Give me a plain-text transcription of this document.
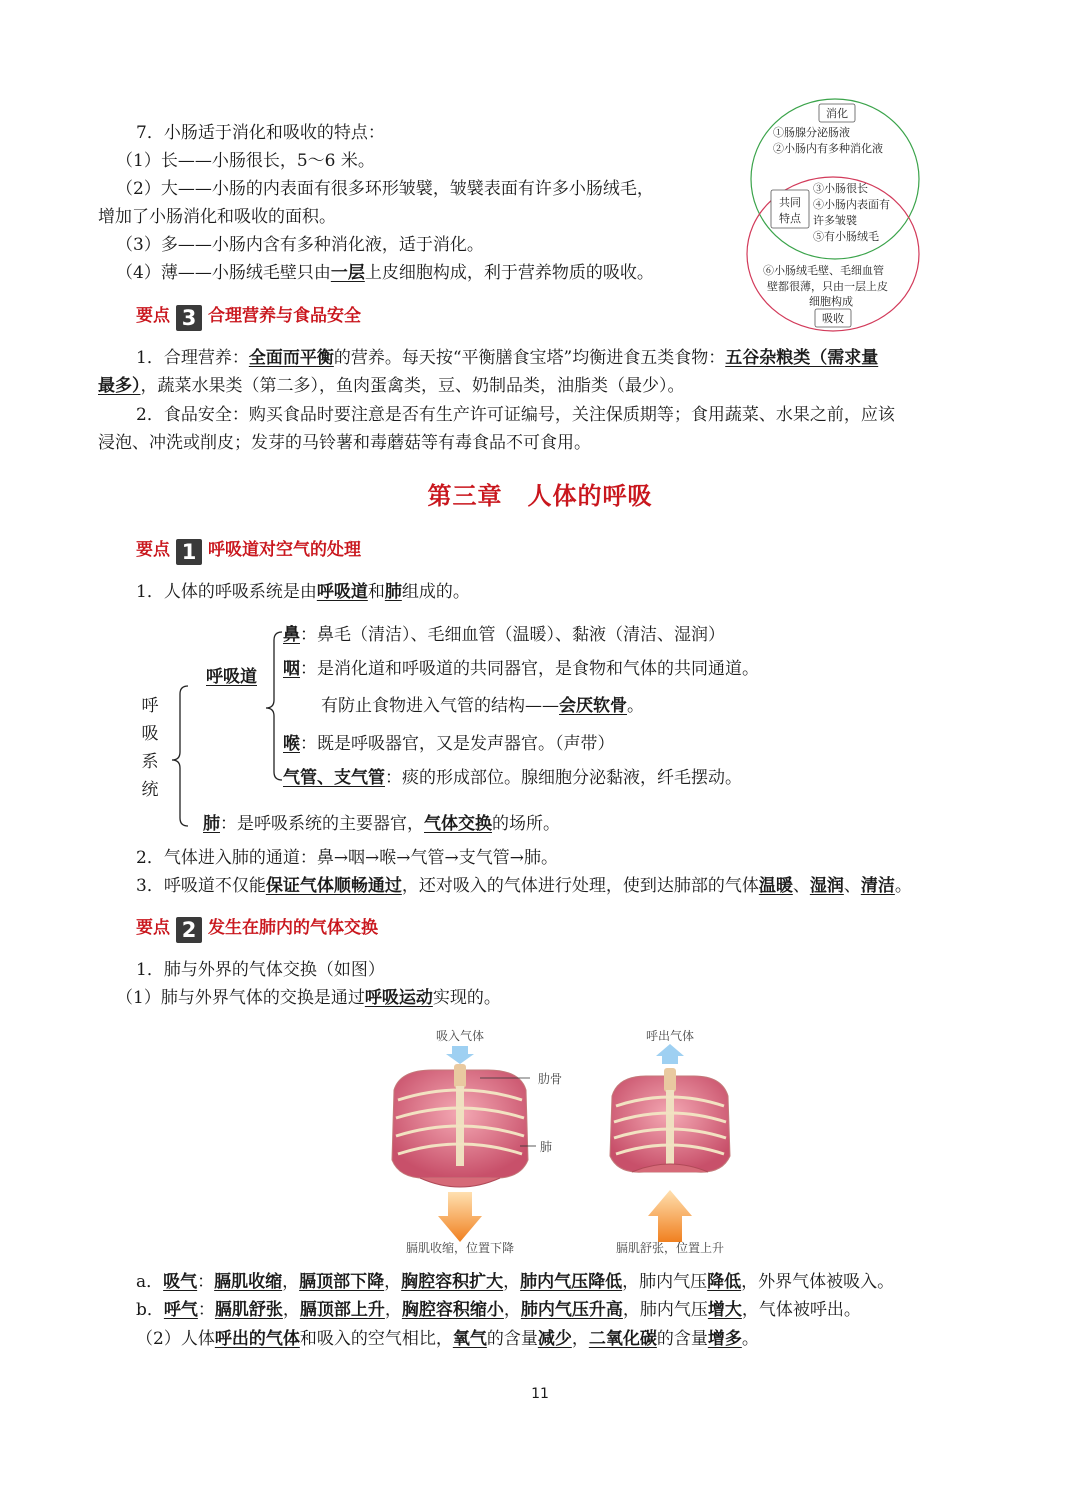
7．小肠适于消化和吸收的特点：
（1）长——小肠很长，5～6 米。
（2）大——小肠的内表面有很多环形皱襞，皱襞表面有许多小肠绒毛，
增加了小肠消化和吸收的面积。
（3）多——小肠内含有多种消化液，适于消化。
（4）薄——小肠绒毛壁只由一层上皮细胞构成，利于营养物质的吸收。
消化
①肠腺分泌肠液
②小肠内有多种消化液
共同
特点
③小肠很长
④小肠内表面有
许多皱襞
⑤有小肠绒毛
⑥小肠绒毛壁、毛细血管
壁都很薄，只由一层上皮
细胞构成
吸收
要点 3 合理营养与食品安全
1．合理营养：全面而平衡的营养。每天按“平衡膳食宝塔”均衡进食五类食物：五谷杂粮类（需求量
最多），蔬菜水果类（第二多），鱼肉蛋禽类，豆、奶制品类，油脂类（最少）。
2．食品安全：购买食品时要注意是否有生产许可证编号，关注保质期等；食用蔬菜、水果之前，应该
浸泡、冲洗或削皮；发芽的马铃薯和毒蘑菇等有毒食品不可食用。
第三章　人体的呼吸
要点 1 呼吸道对空气的处理
1．人体的呼吸系统是由呼吸道和肺组成的。
呼
吸
系
统
呼吸道
鼻：鼻毛（清洁）、毛细血管（温暖）、黏液（清洁、湿润）
咽：是消化道和呼吸道的共同器官，是食物和气体的共同通道。
有防止食物进入气管的结构——会厌软骨。
喉：既是呼吸器官，又是发声器官。（声带）
气管、支气管：痰的形成部位。腺细胞分泌黏液，纤毛摆动。
肺：是呼吸系统的主要器官，气体交换的场所。
2．气体进入肺的通道：鼻→咽→喉→气管→支气管→肺。
3．呼吸道不仅能保证气体顺畅通过，还对吸入的气体进行处理，使到达肺部的气体温暖、湿润、清洁。
要点 2 发生在肺内的气体交换
1．肺与外界的气体交换（如图）
（1）肺与外界气体的交换是通过呼吸运动实现的。
吸入气体
肋骨
肺
膈肌收缩，位置下降
呼出气体
膈肌舒张，位置上升
a．吸气：膈肌收缩，膈顶部下降，胸腔容积扩大，肺内气压降低，肺内气压降低，外界气体被吸入。
b．呼气：膈肌舒张，膈顶部上升，胸腔容积缩小，肺内气压升高，肺内气压增大，气体被呼出。
（2）人体呼出的气体和吸入的空气相比，氧气的含量减少，二氧化碳的含量增多。
11
